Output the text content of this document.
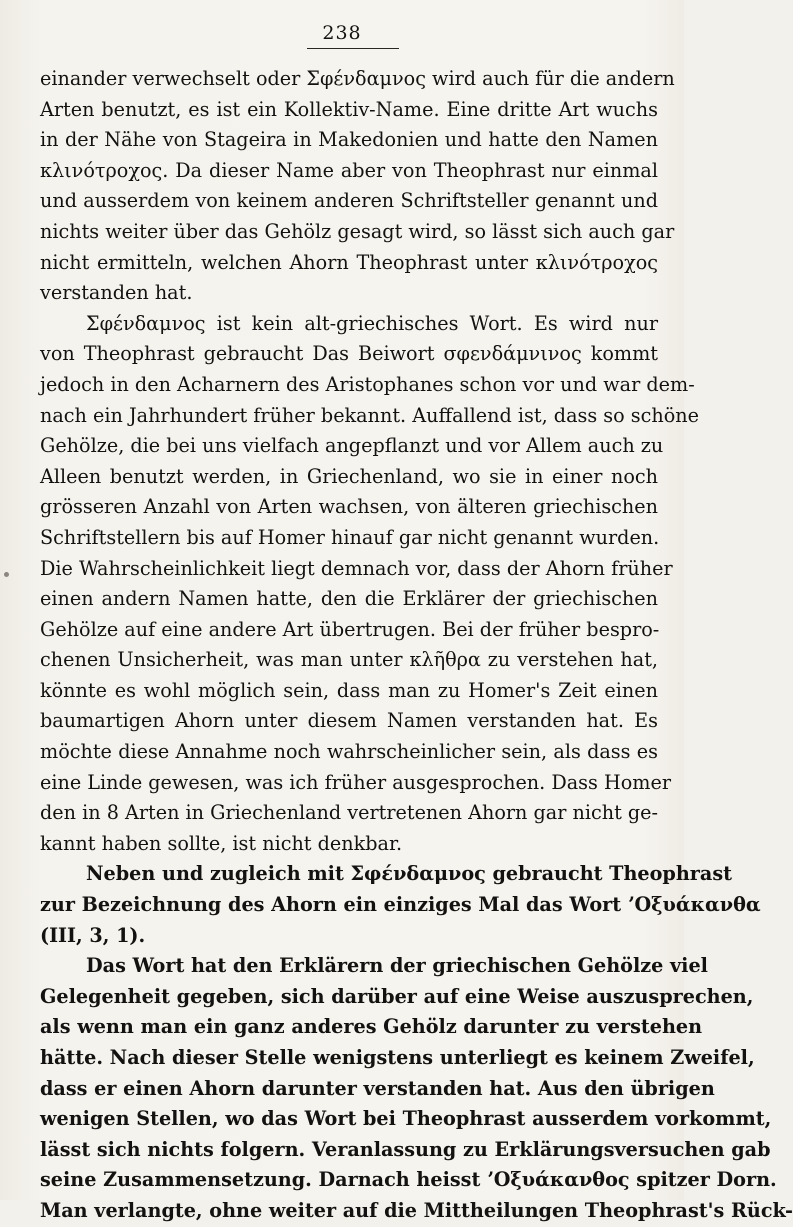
238
einander verwechselt oder Σφένδαμνος wird auch für die andern
Arten benutzt, es ist ein Kollektiv-Name. Eine dritte Art wuchs
in der Nähe von Stageira in Makedonien und hatte den Namen
κλινότροχος. Da dieser Name aber von Theophrast nur einmal
und ausserdem von keinem anderen Schriftsteller genannt und
nichts weiter über das Gehölz gesagt wird, so lässt sich auch gar
nicht ermitteln, welchen Ahorn Theophrast unter κλινότροχος
verstanden hat.
Σφένδαμνος ist kein alt-griechisches Wort. Es wird nur
von Theophrast gebraucht Das Beiwort σφενδάμνινος kommt
jedoch in den Acharnern des Aristophanes schon vor und war dem-
nach ein Jahrhundert früher bekannt. Auffallend ist, dass so schöne
Gehölze, die bei uns vielfach angepflanzt und vor Allem auch zu
Alleen benutzt werden, in Griechenland, wo sie in einer noch
grösseren Anzahl von Arten wachsen, von älteren griechischen
Schriftstellern bis auf Homer hinauf gar nicht genannt wurden.
Die Wahrscheinlichkeit liegt demnach vor, dass der Ahorn früher
einen andern Namen hatte, den die Erklärer der griechischen
Gehölze auf eine andere Art übertrugen. Bei der früher bespro-
chenen Unsicherheit, was man unter κλῆθρα zu verstehen hat,
könnte es wohl möglich sein, dass man zu Homer's Zeit einen
baumartigen Ahorn unter diesem Namen verstanden hat. Es
möchte diese Annahme noch wahrscheinlicher sein, als dass es
eine Linde gewesen, was ich früher ausgesprochen. Dass Homer
den in 8 Arten in Griechenland vertretenen Ahorn gar nicht ge-
kannt haben sollte, ist nicht denkbar.
Neben und zugleich mit Σφένδαμνος gebraucht Theophrast
zur Bezeichnung des Ahorn ein einziges Mal das Wort ʼΟξυάκανθα
(III, 3, 1).
Das Wort hat den Erklärern der griechischen Gehölze viel
Gelegenheit gegeben, sich darüber auf eine Weise auszusprechen,
als wenn man ein ganz anderes Gehölz darunter zu verstehen
hätte. Nach dieser Stelle wenigstens unterliegt es keinem Zweifel,
dass er einen Ahorn darunter verstanden hat. Aus den übrigen
wenigen Stellen, wo das Wort bei Theophrast ausserdem vorkommt,
lässt sich nichts folgern. Veranlassung zu Erklärungsversuchen gab
seine Zusammensetzung. Darnach heisst ʼΟξυάκανθος spitzer Dorn.
Man verlangte, ohne weiter auf die Mittheilungen Theophrast's Rück-
